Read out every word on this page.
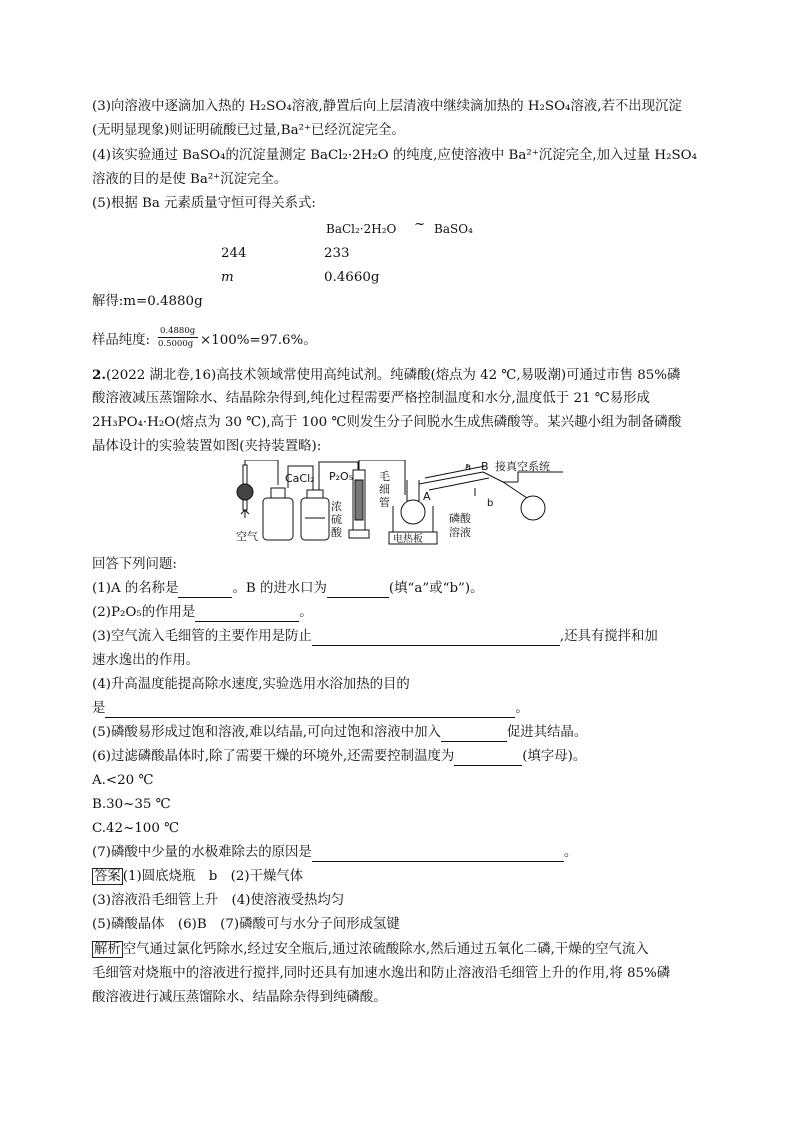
(3)向溶液中逐滴加入热的 H₂SO₄溶液,静置后向上层清液中继续滴加热的 H₂SO₄溶液,若不出现沉淀
(无明显现象)则证明硫酸已过量,Ba²⁺已经沉淀完全。
(4)该实验通过 BaSO₄的沉淀量测定 BaCl₂·2H₂O 的纯度,应使溶液中 Ba²⁺沉淀完全,加入过量 H₂SO₄
溶液的目的是使 Ba²⁺沉淀完全。
(5)根据 Ba 元素质量守恒可得关系式:
BaCl₂·2H₂O ~ BaSO₄
244	233
m	0.4660g
解得:m=0.4880g
样品纯度:
0.4880g
0.5000g ×100%=97.6%。
2.(2022 湖北卷,16)高技术领域常使用高纯试剂。纯磷酸(熔点为 42 ℃,易吸潮)可通过市售 85%磷
酸溶液减压蒸馏除水、结晶除杂得到,纯化过程需要严格控制温度和水分,温度低于 21 ℃易形成
2H₃PO₄·H₂O(熔点为 30 ℃),高于 100 ℃则发生分子间脱水生成焦磷酸等。某兴趣小组为制备磷酸
晶体设计的实验装置如图(夹持装置略):
CaCl₂ P₂O₅
空气
浓
硫
酸
毛
细
管	A
a B 接真空系统
b
电热板
磷酸
溶液
回答下列问题:
(1)A 的名称是	。B 的进水口为	(填“a”或“b”)。
(2)P₂O₅的作用是	。
(3)空气流入毛细管的主要作用是防止	,还具有搅拌和加
速水逸出的作用。
(4)升高温度能提高除水速度,实验选用水浴加热的目的
是	。
(5)磷酸易形成过饱和溶液,难以结晶,可向过饱和溶液中加入	促进其结晶。
(6)过滤磷酸晶体时,除了需要干燥的环境外,还需要控制温度为	(填字母)。
A.<20 ℃
B.30~35 ℃
C.42~100 ℃
(7)磷酸中少量的水极难除去的原因是	。
答案 (1)圆底烧瓶　b　(2)干燥气体
(3)溶液沿毛细管上升　(4)使溶液受热均匀
(5)磷酸晶体　(6)B　(7)磷酸可与水分子间形成氢键
解析 空气通过氯化钙除水,经过安全瓶后,通过浓硫酸除水,然后通过五氧化二磷,干燥的空气流入
毛细管对烧瓶中的溶液进行搅拌,同时还具有加速水逸出和防止溶液沿毛细管上升的作用,将 85%磷
酸溶液进行减压蒸馏除水、结晶除杂得到纯磷酸。
